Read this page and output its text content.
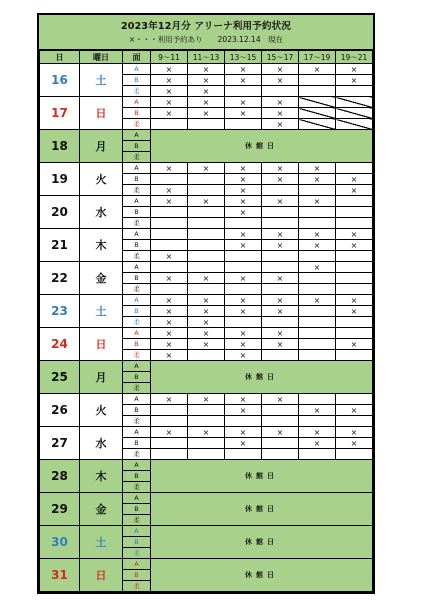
2023年12月分 アリーナ利用予約状況
×・・・利用予約あり　　2023.12.14　現在
日	曜日	面	9～11	11～13	13～15	15～17	17～19	19～21
16	土	A	×	×	×	×	×	×
		B	×	×	×	×		×
		柔	×	×				
17	日	A	×	×	×	×		
		B	×	×	×	×		
		柔				×		
18	月	A	休館日					
		B						
		柔						
19	火	A	×	×	×	×	×	
		B			×	×	×	×
		柔	×		×			×
20	水	A	×	×	×	×	×	
		B			×			
		柔						
21	木	A			×	×	×	×
		B			×	×	×	×
		柔	×					
22	金	A					×	
		B	×	×	×	×		
		柔						
23	土	A	×	×	×	×	×	×
		B	×	×	×	×		×
		柔	×	×				
24	日	A	×	×	×	×		
		B	×	×	×	×		×
		柔	×		×			
25	月	A	休館日					
		B						
		柔						
26	火	A	×	×	×	×		
		B			×		×	×
		柔						
27	水	A	×	×	×	×	×	×
		B			×		×	×
		柔						
28	木	A	休館日					
		B						
		柔						
29	金	A	休館日					
		B						
		柔						
30	土	A	休館日					
		B						
		柔						
31	日	A	休館日					
		B						
		柔						
